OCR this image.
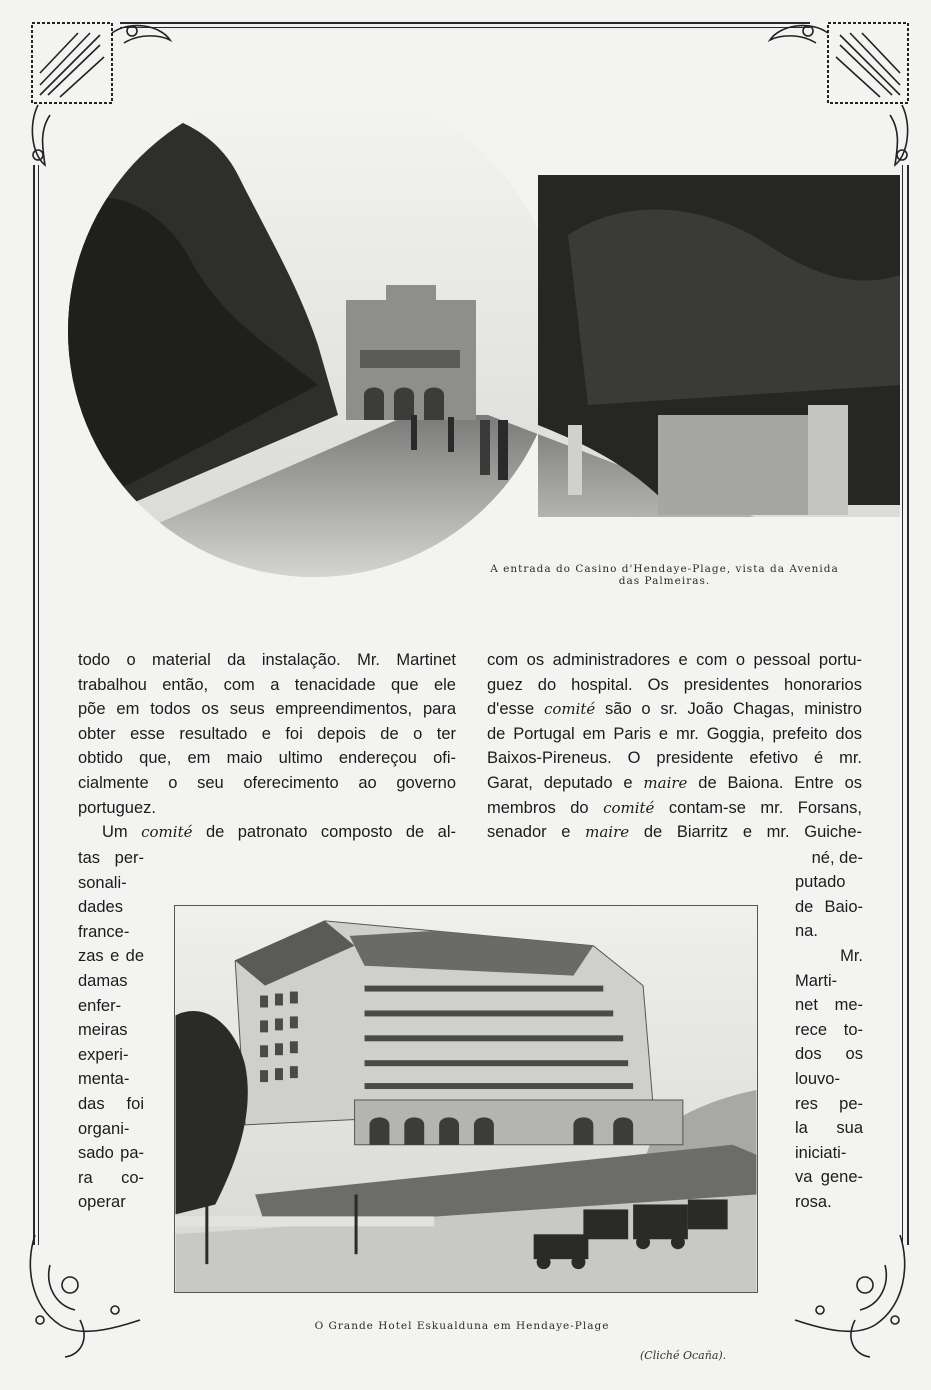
A entrada do Casino d'Hendaye-Plage, vista da Avenida
das Palmeiras.
todo o material da instalação. Mr. Martinet
trabalhou então, com a tenacidade que ele
põe em todos os seus empreendimentos, para
obter esse resultado e foi depois de o ter
obtido que, em maio ultimo endereçou ofi-
cialmente o seu oferecimento ao governo
portuguez.
Um comité de patronato composto de al-
tas per-
sonali-
dades
france-
zas e de
damas
enfer-
meiras
experi-
menta-
das foi
organi-
sado pa-
ra co-
operar
com os administradores e com o pessoal portu-
guez do hospital. Os presidentes honorarios
d'esse comité são o sr. João Chagas, ministro
de Portugal em Paris e mr. Goggia, prefeito dos
Baixos-Pireneus. O presidente efetivo é mr.
Garat, deputado e maire de Baiona. Entre os
membros do comité contam-se mr. Forsans,
senador e maire de Biarritz e mr. Guiche-
né, de-
putado
de Baio-
na.
Mr.
Marti-
net me-
rece to-
dos os
louvo-
res pe-
la sua
iniciati-
va gene-
rosa.
O Grande Hotel Eskualduna em Hendaye-Plage
(Cliché Ocaña).
